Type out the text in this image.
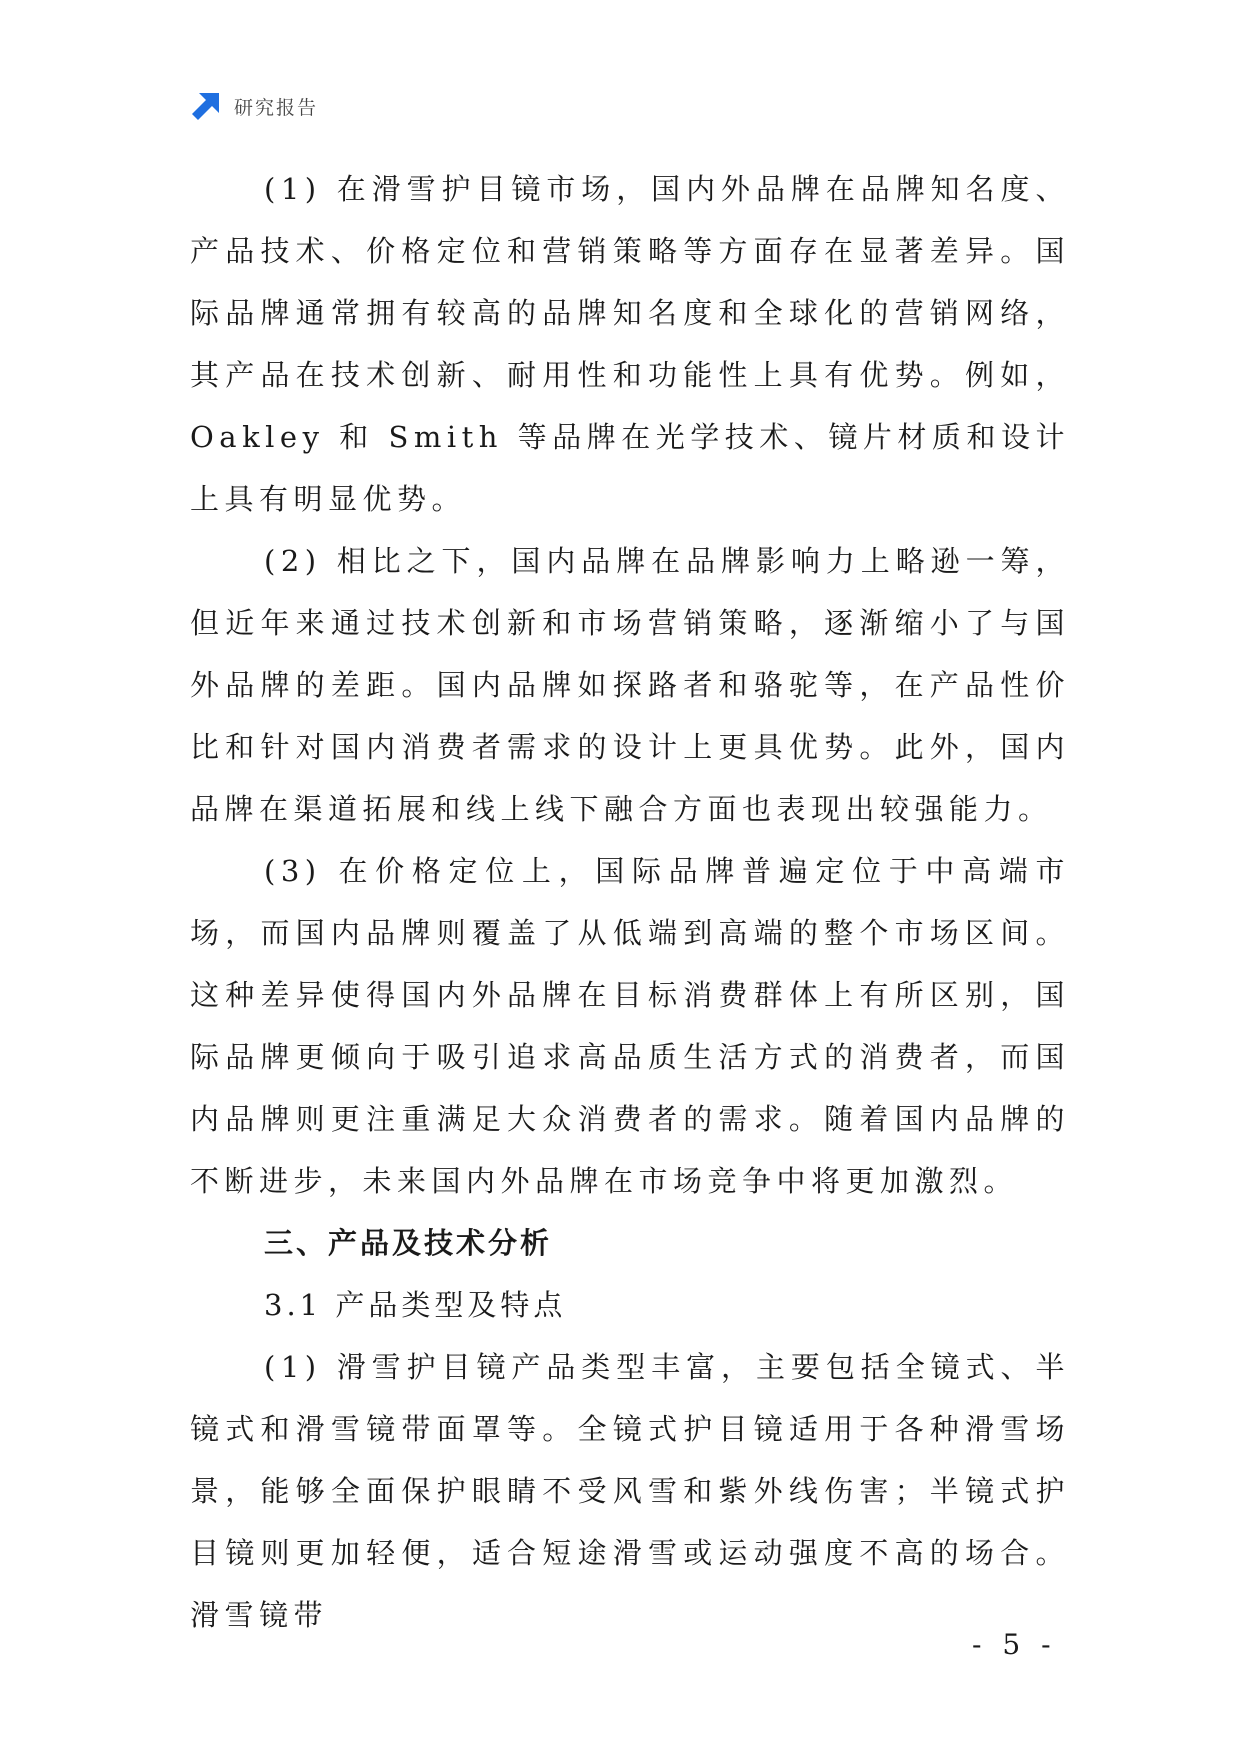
研究报告

(1) 在滑雪护目镜市场，国内外品牌在品牌知名度、产品技术、价格定位和营销策略等方面存在显著差异。国际品牌通常拥有较高的品牌知名度和全球化的营销网络，其产品在技术创新、耐用性和功能性上具有优势。例如，Oakley 和 Smith 等品牌在光学技术、镜片材质和设计上具有明显优势。

(2) 相比之下，国内品牌在品牌影响力上略逊一筹，但近年来通过技术创新和市场营销策略，逐渐缩小了与国外品牌的差距。国内品牌如探路者和骆驼等，在产品性价比和针对国内消费者需求的设计上更具优势。此外，国内品牌在渠道拓展和线上线下融合方面也表现出较强能力。

(3) 在价格定位上，国际品牌普遍定位于中高端市场，而国内品牌则覆盖了从低端到高端的整个市场区间。这种差异使得国内外品牌在目标消费群体上有所区别，国际品牌更倾向于吸引追求高品质生活方式的消费者，而国内品牌则更注重满足大众消费者的需求。随着国内品牌的不断进步，未来国内外品牌在市场竞争中将更加激烈。

三、产品及技术分析

3.1 产品类型及特点

(1) 滑雪护目镜产品类型丰富，主要包括全镜式、半镜式和滑雪镜带面罩等。全镜式护目镜适用于各种滑雪场景，能够全面保护眼睛不受风雪和紫外线伤害；半镜式护目镜则更加轻便，适合短途滑雪或运动强度不高的场合。滑雪镜带

- 5 -
